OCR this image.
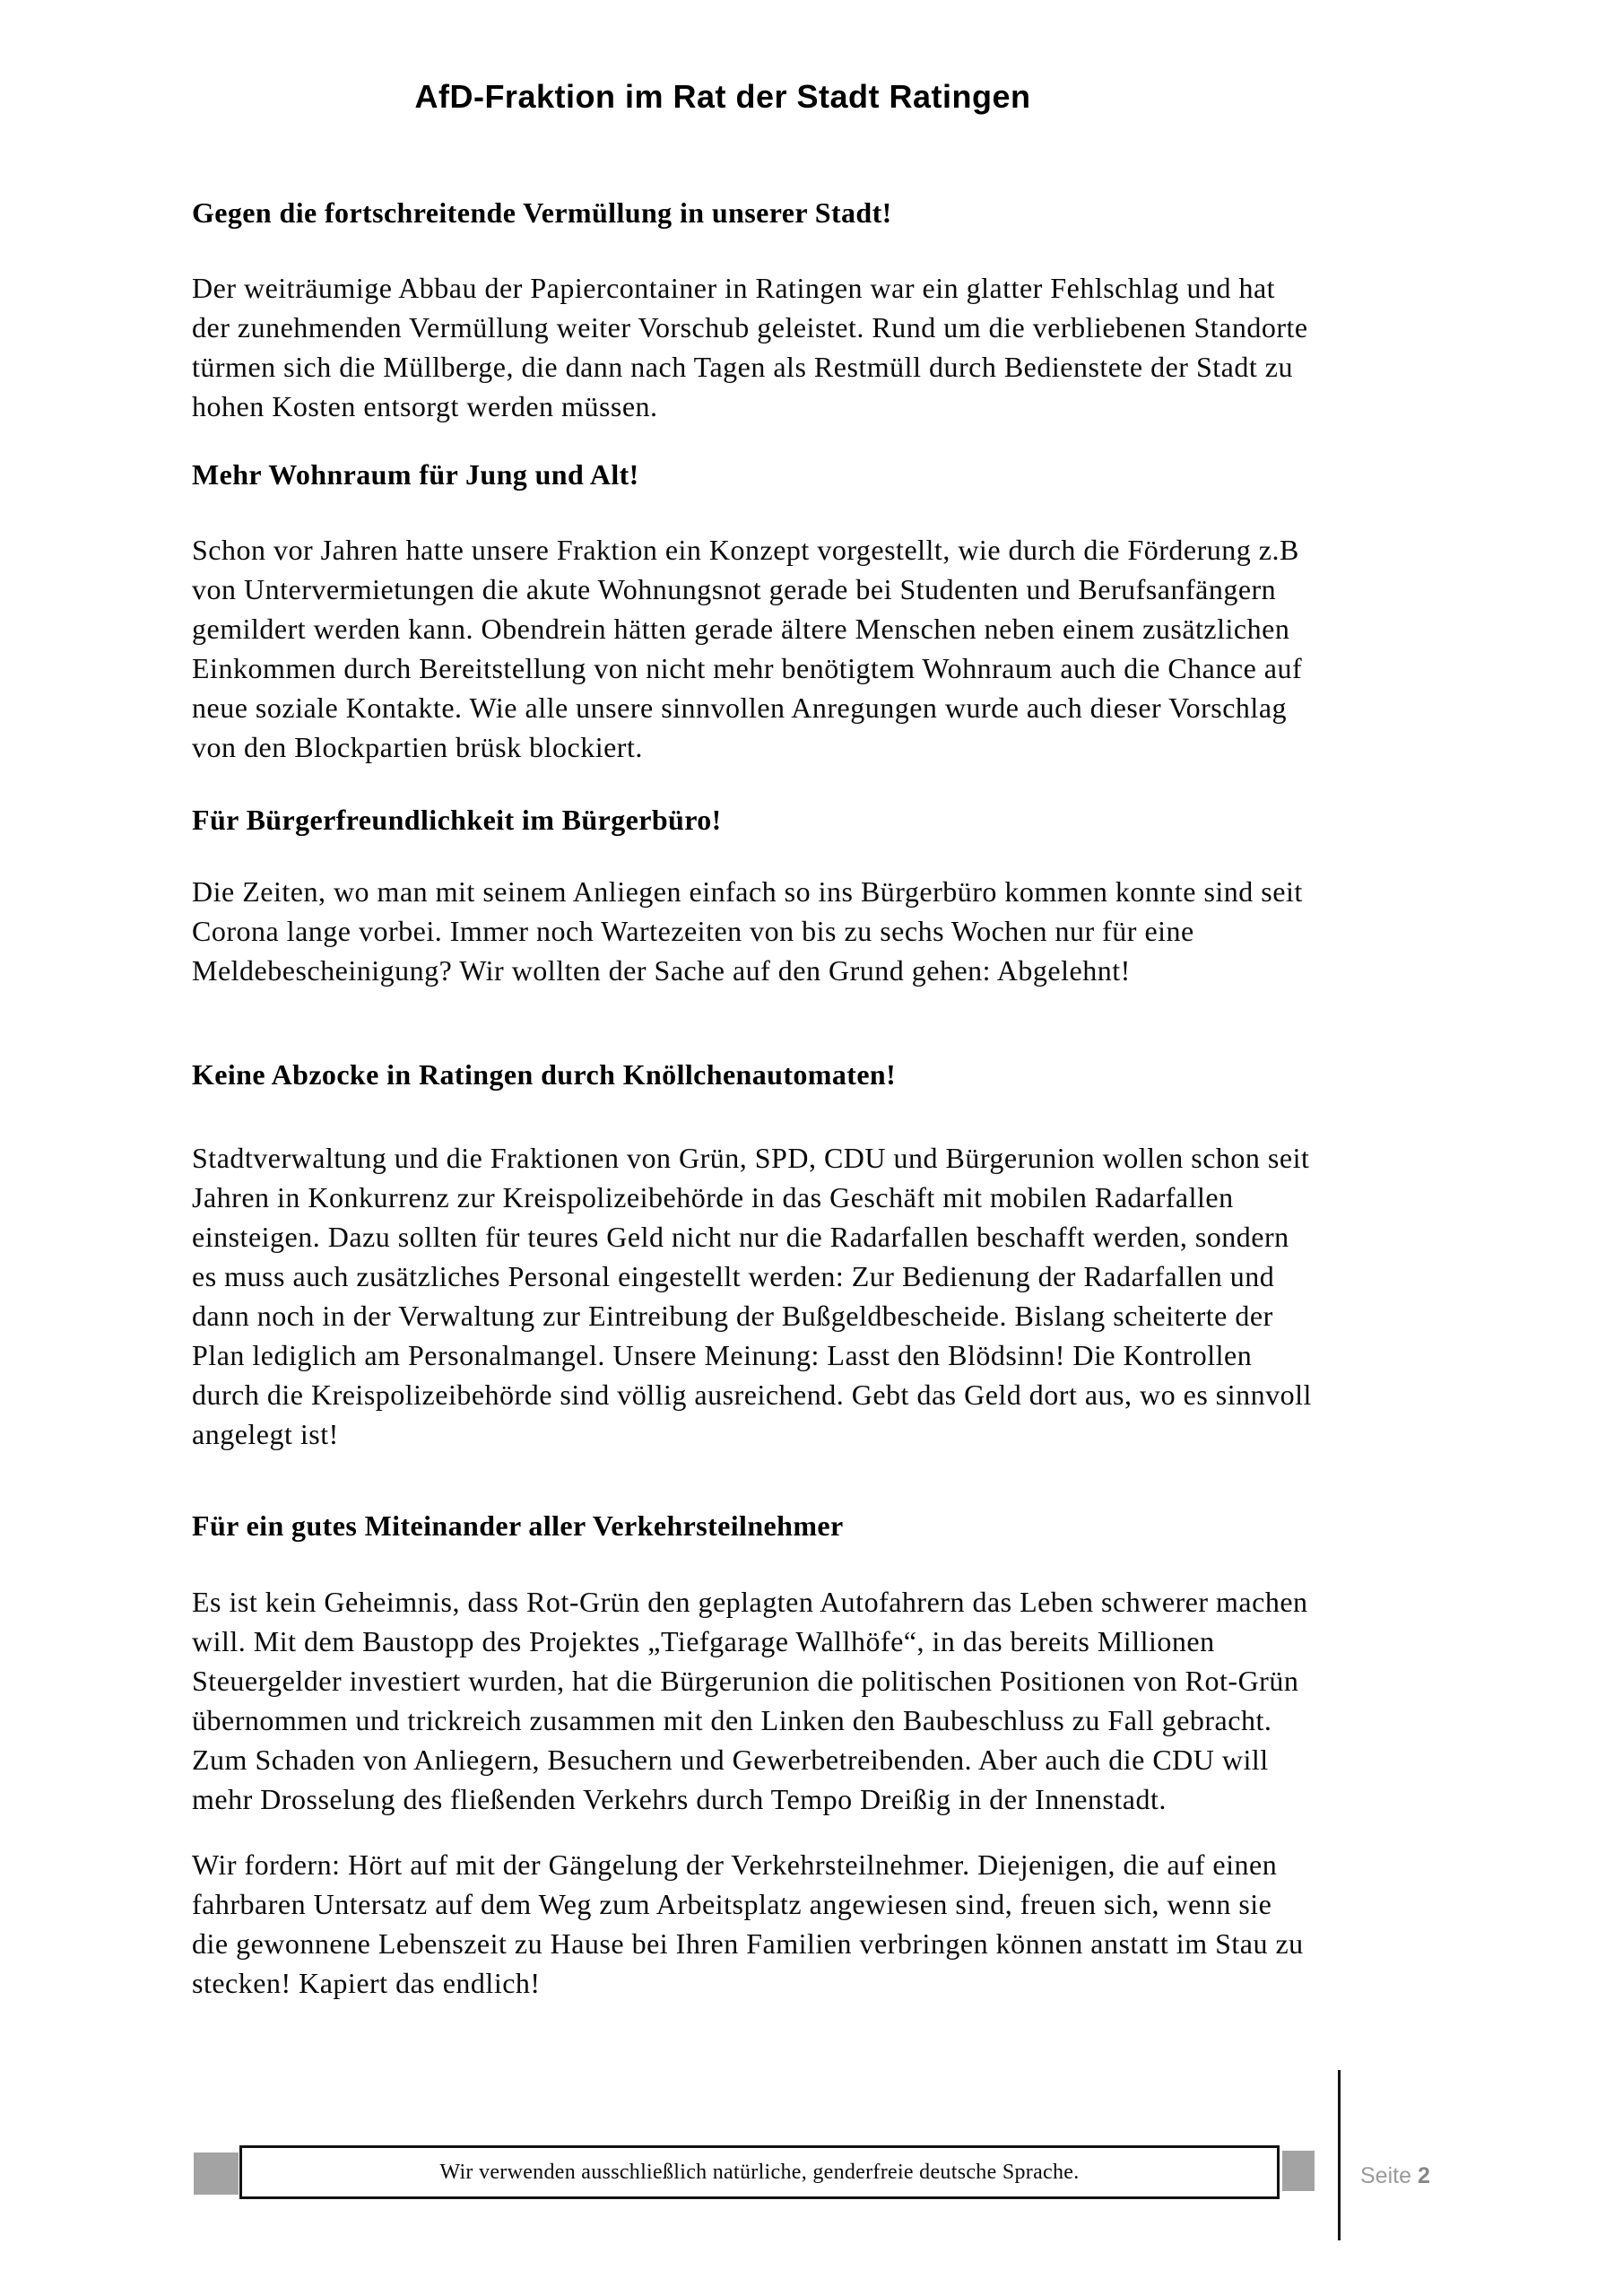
AfD-Fraktion im Rat der Stadt Ratingen
Gegen die fortschreitende Vermüllung in unserer Stadt!
Der weiträumige Abbau der Papiercontainer in Ratingen war ein glatter Fehlschlag und hat
der zunehmenden Vermüllung weiter Vorschub geleistet. Rund um die verbliebenen Standorte
türmen sich die Müllberge, die dann nach Tagen als Restmüll durch Bedienstete der Stadt zu
hohen Kosten entsorgt werden müssen.
Mehr Wohnraum für Jung und Alt!
Schon vor Jahren hatte unsere Fraktion ein Konzept vorgestellt, wie durch die Förderung z.B
von Untervermietungen die akute Wohnungsnot gerade bei Studenten und Berufsanfängern
gemildert werden kann. Obendrein hätten gerade ältere Menschen neben einem zusätzlichen
Einkommen durch Bereitstellung von nicht mehr benötigtem Wohnraum auch die Chance auf
neue soziale Kontakte. Wie alle unsere sinnvollen Anregungen wurde auch dieser Vorschlag
von den Blockpartien brüsk blockiert.
Für Bürgerfreundlichkeit im Bürgerbüro!
Die Zeiten, wo man mit seinem Anliegen einfach so ins Bürgerbüro kommen konnte sind seit
Corona lange vorbei. Immer noch Wartezeiten von bis zu sechs Wochen nur für eine
Meldebescheinigung? Wir wollten der Sache auf den Grund gehen: Abgelehnt!
Keine Abzocke in Ratingen durch Knöllchenautomaten!
Stadtverwaltung und die Fraktionen von Grün, SPD, CDU und Bürgerunion wollen schon seit
Jahren in Konkurrenz zur Kreispolizeibehörde in das Geschäft mit mobilen Radarfallen
einsteigen. Dazu sollten für teures Geld nicht nur die Radarfallen beschafft werden, sondern
es muss auch zusätzliches Personal eingestellt werden: Zur Bedienung der Radarfallen und
dann noch in der Verwaltung zur Eintreibung der Bußgeldbescheide. Bislang scheiterte der
Plan lediglich am Personalmangel. Unsere Meinung: Lasst den Blödsinn! Die Kontrollen
durch die Kreispolizeibehörde sind völlig ausreichend. Gebt das Geld dort aus, wo es sinnvoll
angelegt ist!
Für ein gutes Miteinander aller Verkehrsteilnehmer
Es ist kein Geheimnis, dass Rot-Grün den geplagten Autofahrern das Leben schwerer machen
will. Mit dem Baustopp des Projektes „Tiefgarage Wallhöfe“, in das bereits Millionen
Steuergelder investiert wurden, hat die Bürgerunion die politischen Positionen von Rot-Grün
übernommen und trickreich zusammen mit den Linken den Baubeschluss zu Fall gebracht.
Zum Schaden von Anliegern, Besuchern und Gewerbetreibenden. Aber auch die CDU will
mehr Drosselung des fließenden Verkehrs durch Tempo Dreißig in der Innenstadt.
Wir fordern: Hört auf mit der Gängelung der Verkehrsteilnehmer. Diejenigen, die auf einen
fahrbaren Untersatz auf dem Weg zum Arbeitsplatz angewiesen sind, freuen sich, wenn sie
die gewonnene Lebenszeit zu Hause bei Ihren Familien verbringen können anstatt im Stau zu
stecken! Kapiert das endlich!
Wir verwenden ausschließlich natürliche, genderfreie deutsche Sprache.	Seite 2
